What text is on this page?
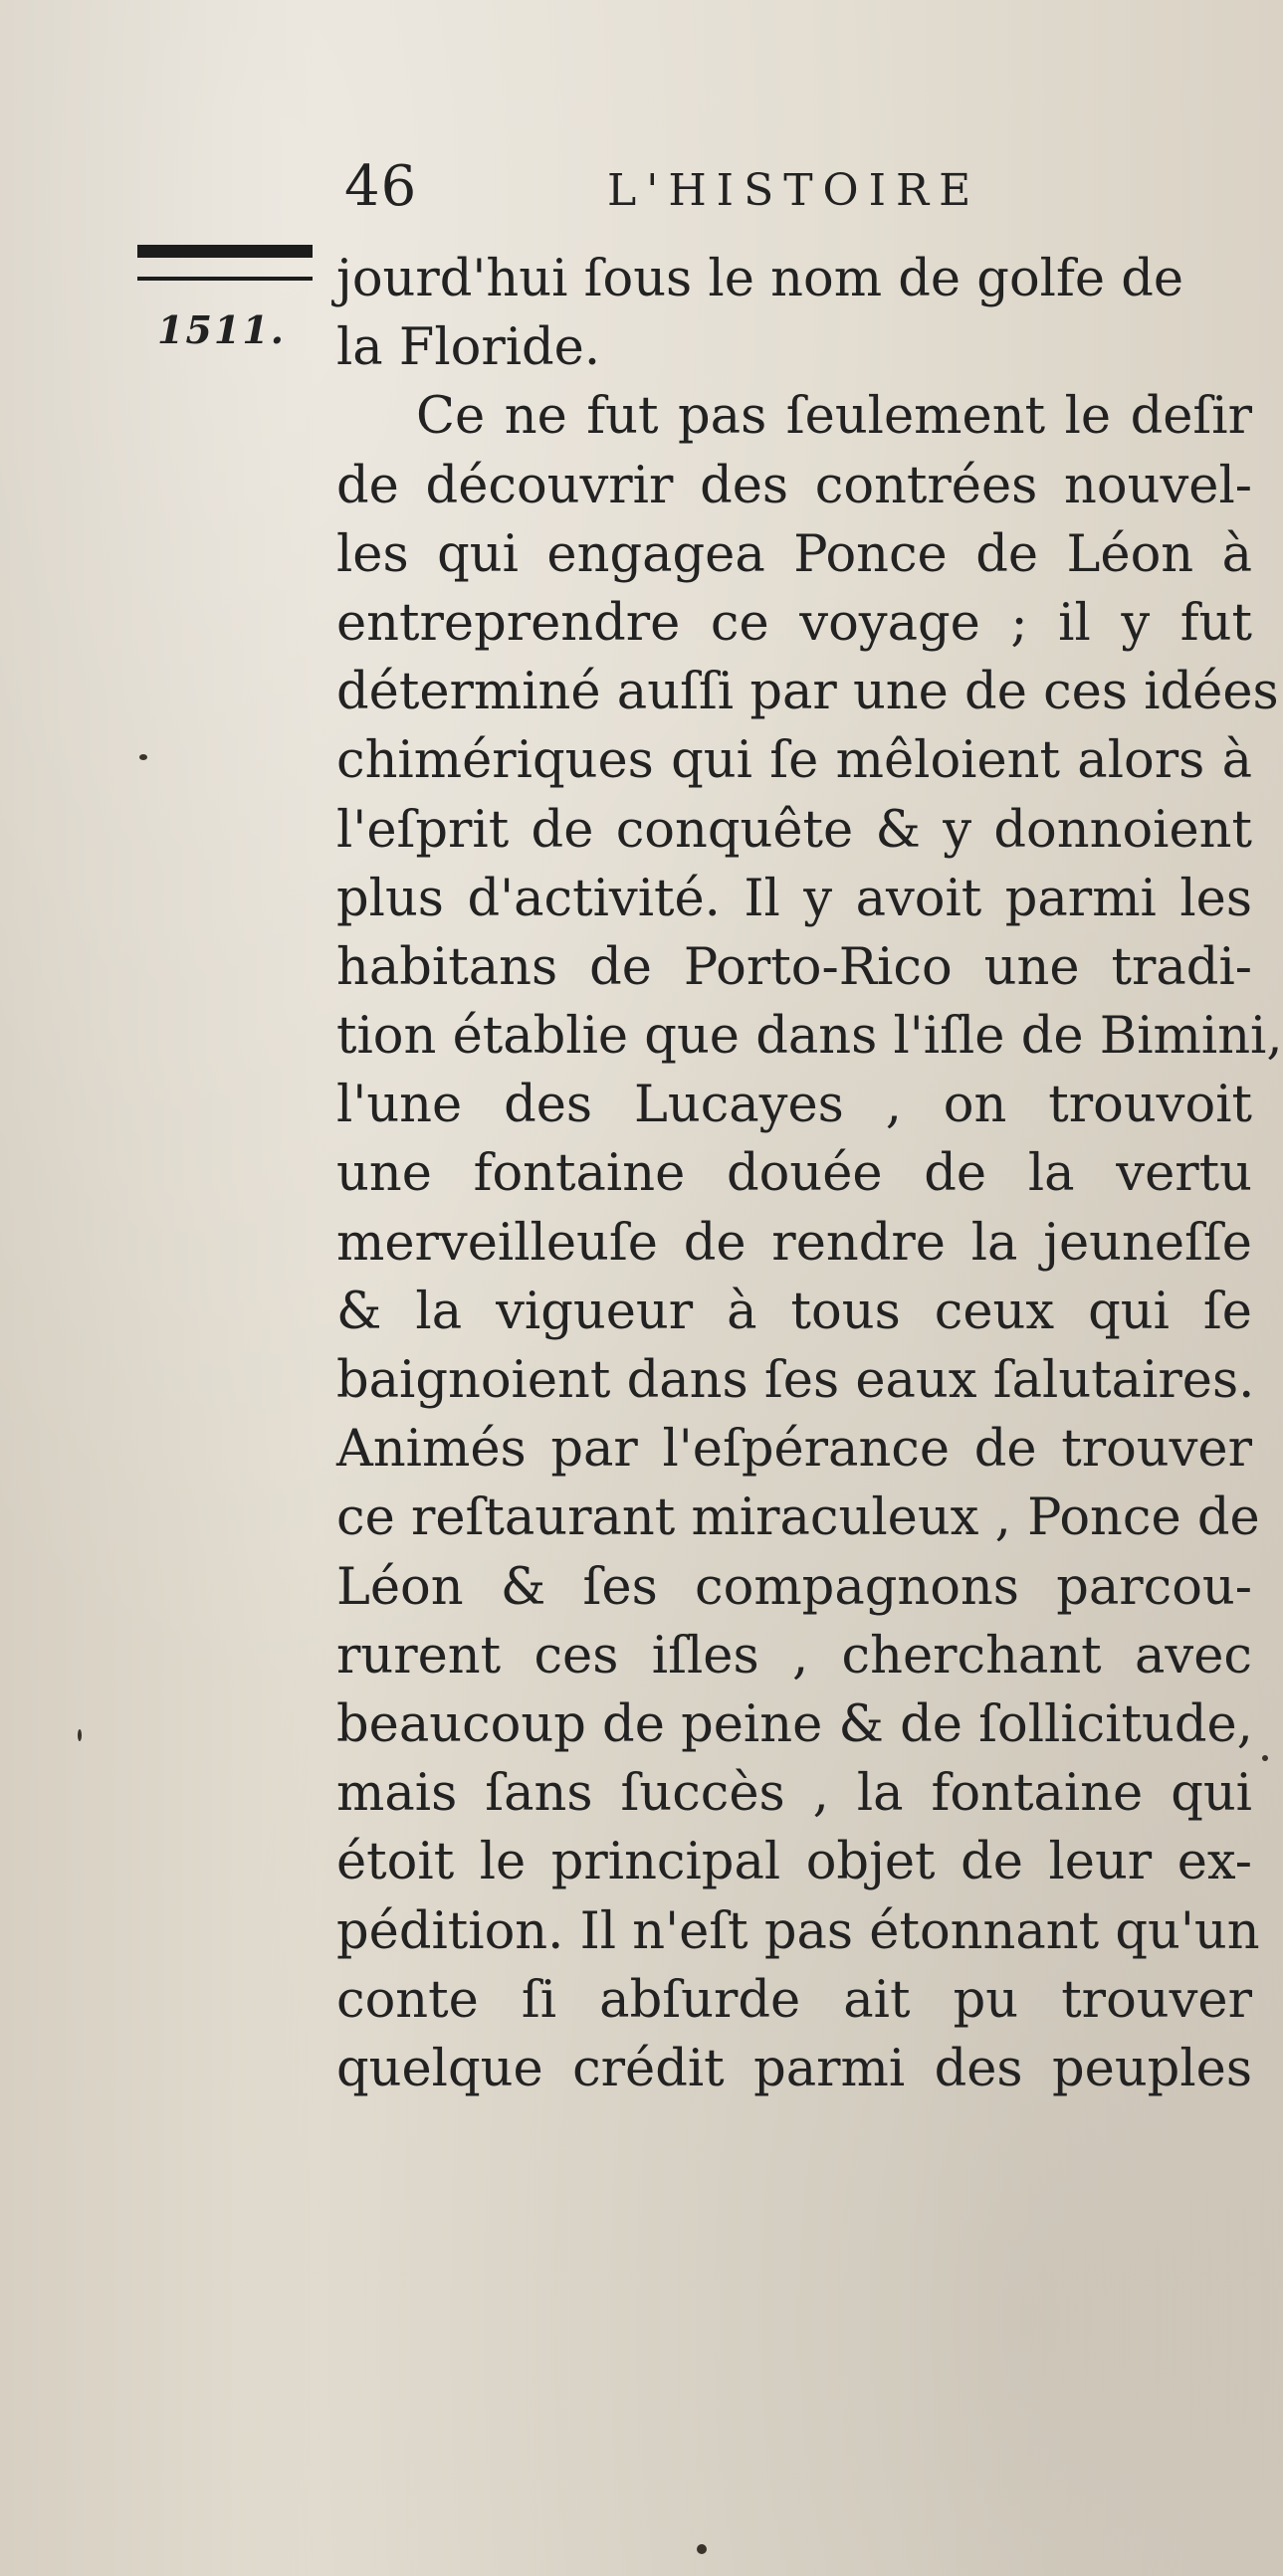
46	L'HISTOIRE
1511.
jourd'hui ſous le nom de golfe de
la Floride.
Ce ne fut pas ſeulement le deſir
de découvrir des contrées nouvel-
les qui engagea Ponce de Léon à
entreprendre ce voyage ; il y fut
déterminé auſſi par une de ces idées
chimériques qui ſe mêloient alors à
l'eſprit de conquête & y donnoient
plus d'activité. Il y avoit parmi les
habitans de Porto-Rico une tradi-
tion établie que dans l'iſle de Bimini,
l'une des Lucayes , on trouvoit
une fontaine douée de la vertu
merveilleuſe de rendre la jeuneſſe
& la vigueur à tous ceux qui ſe
baignoient dans ſes eaux ſalutaires.
Animés par l'eſpérance de trouver
ce reſtaurant miraculeux , Ponce de
Léon & ſes compagnons parcou-
rurent ces iſles , cherchant avec
beaucoup de peine & de ſollicitude,
mais ſans ſuccès , la fontaine qui
étoit le principal objet de leur ex-
pédition. Il n'eſt pas étonnant qu'un
conte ſi abſurde ait pu trouver
quelque crédit parmi des peuples
